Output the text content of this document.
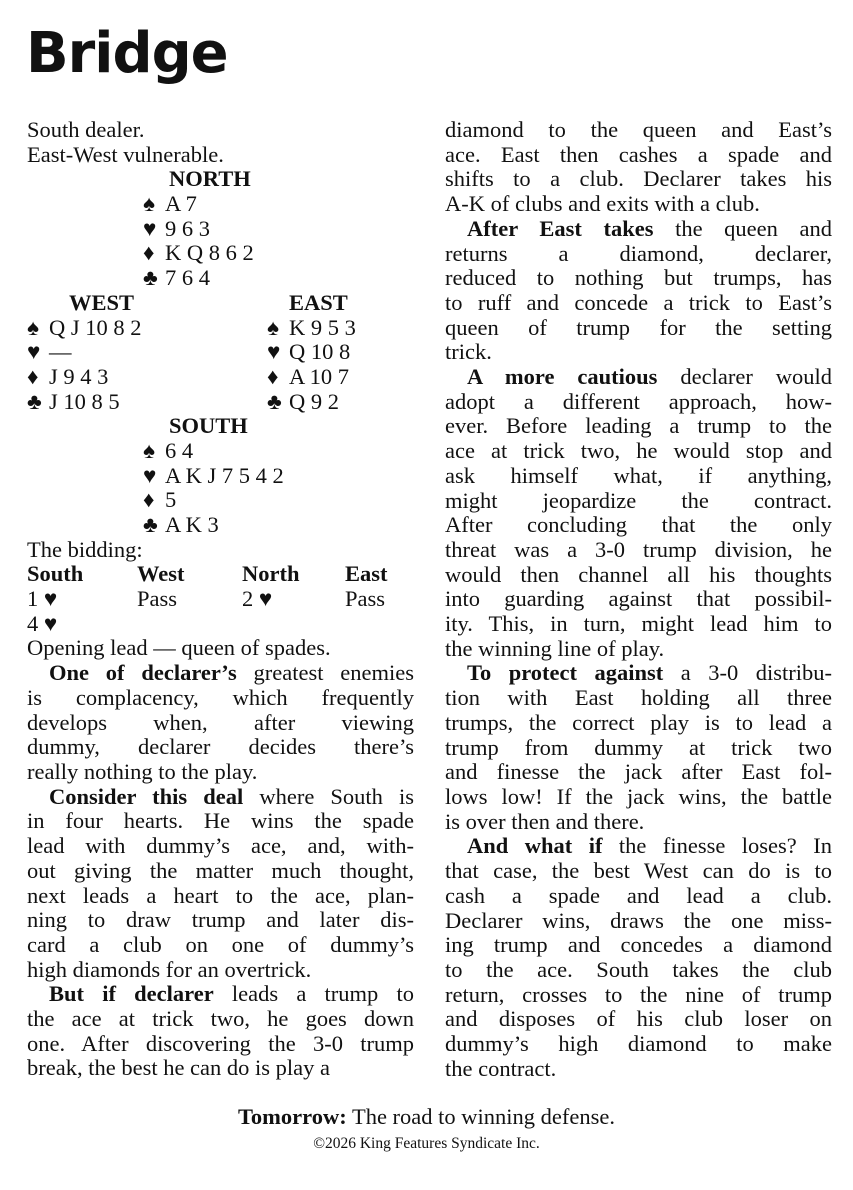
Bridge
South dealer.
East-West vulnerable.
NORTH
♠ A 7
♥ 9 6 3
♦ K Q 8 6 2
♣ 7 6 4
WEST	EAST
♠ Q J 10 8 2	♠ K 9 5 3
♥ —	♥ Q 10 8
♦ J 9 4 3	♦ A 10 7
♣ J 10 8 5	♣ Q 9 2
SOUTH
♠ 6 4
♥ A K J 7 5 4 2
♦ 5
♣ A K 3
The bidding:
South West	North East
1 ♥	Pass	2 ♥	Pass
4 ♥
Opening lead — queen of spades.
One of declarer’s greatest enemies
is complacency, which frequently
develops when, after viewing
dummy, declarer decides there’s
really nothing to the play.
Consider this deal where South is
in four hearts. He wins the spade
lead with dummy’s ace, and, with-
out giving the matter much thought,
next leads a heart to the ace, plan-
ning to draw trump and later dis-
card a club on one of dummy’s
high diamonds for an overtrick.
But if declarer leads a trump to
the ace at trick two, he goes down
one. After discovering the 3-0 trump
break, the best he can do is play a
diamond to the queen and East’s
ace. East then cashes a spade and
shifts to a club. Declarer takes his
A-K of clubs and exits with a club.
After East takes the queen and
returns a diamond, declarer,
reduced to nothing but trumps, has
to ruff and concede a trick to East’s
queen of trump for the setting
trick.
A more cautious declarer would
adopt a different approach, how-
ever. Before leading a trump to the
ace at trick two, he would stop and
ask himself what, if anything,
might jeopardize the contract.
After concluding that the only
threat was a 3-0 trump division, he
would then channel all his thoughts
into guarding against that possibil-
ity. This, in turn, might lead him to
the winning line of play.
To protect against a 3-0 distribu-
tion with East holding all three
trumps, the correct play is to lead a
trump from dummy at trick two
and finesse the jack after East fol-
lows low! If the jack wins, the battle
is over then and there.
And what if the finesse loses? In
that case, the best West can do is to
cash a spade and lead a club.
Declarer wins, draws the one miss-
ing trump and concedes a diamond
to the ace. South takes the club
return, crosses to the nine of trump
and disposes of his club loser on
dummy’s high diamond to make
the contract.
Tomorrow: The road to winning defense.
©2026 King Features Syndicate Inc.
